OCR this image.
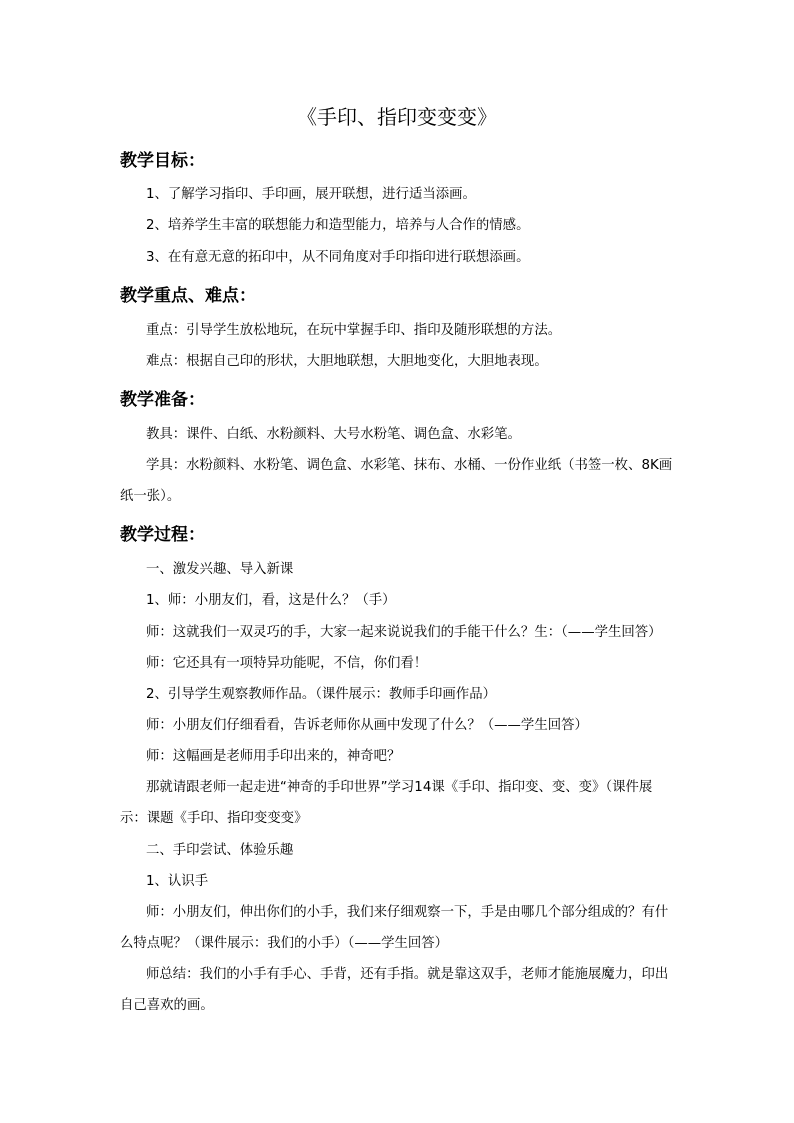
《手印、指印变变变》
教学目标：
1、了解学习指印、手印画，展开联想，进行适当添画。
2、培养学生丰富的联想能力和造型能力，培养与人合作的情感。
3、在有意无意的拓印中，从不同角度对手印指印进行联想添画。
教学重点、难点：
重点：引导学生放松地玩，在玩中掌握手印、指印及随形联想的方法。
难点：根据自己印的形状，大胆地联想，大胆地变化，大胆地表现。
教学准备：
教具：课件、白纸、水粉颜料、大号水粉笔、调色盒、水彩笔。
学具：水粉颜料、水粉笔、调色盒、水彩笔、抹布、水桶、一份作业纸（书签一枚、8K画纸一张）。
教学过程：
一、激发兴趣、导入新课
1、师：小朋友们，看，这是什么？（手）
师：这就我们一双灵巧的手，大家一起来说说我们的手能干什么？生：（——学生回答）
师：它还具有一项特异功能呢，不信，你们看！
2、引导学生观察教师作品。（课件展示：教师手印画作品）
师：小朋友们仔细看看，告诉老师你从画中发现了什么？（——学生回答）
师：这幅画是老师用手印出来的，神奇吧？
那就请跟老师一起走进“神奇的手印世界”学习14课《手印、指印变、变、变》（课件展示：课题《手印、指印变变变》
二、手印尝试、体验乐趣
1、认识手
师：小朋友们，伸出你们的小手，我们来仔细观察一下，手是由哪几个部分组成的？有什么特点呢？（课件展示：我们的小手）（——学生回答）
师总结：我们的小手有手心、手背，还有手指。就是靠这双手，老师才能施展魔力，印出自己喜欢的画。
